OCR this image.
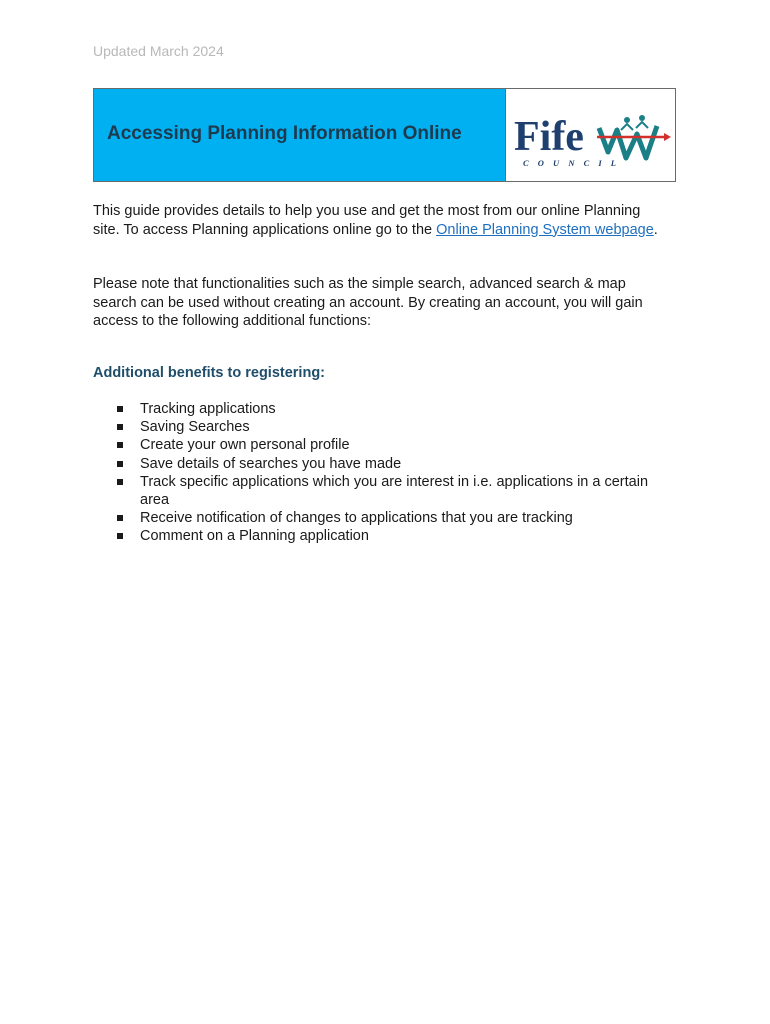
Updated March 2024
Accessing Planning Information Online Fife
C O U N C I L

This guide provides details to help you use and get the most from our online Planning site. To access Planning applications online go to the Online Planning System webpage.

Please note that functionalities such as the simple search, advanced search & map search can be used without creating an account. By creating an account, you will gain access to the following additional functions:

Additional benefits to registering:
Tracking applications
Saving Searches
Create your own personal profile
Save details of searches you have made
Track specific applications which you are interest in i.e. applications in a certain area
Receive notification of changes to applications that you are tracking
Comment on a Planning application
